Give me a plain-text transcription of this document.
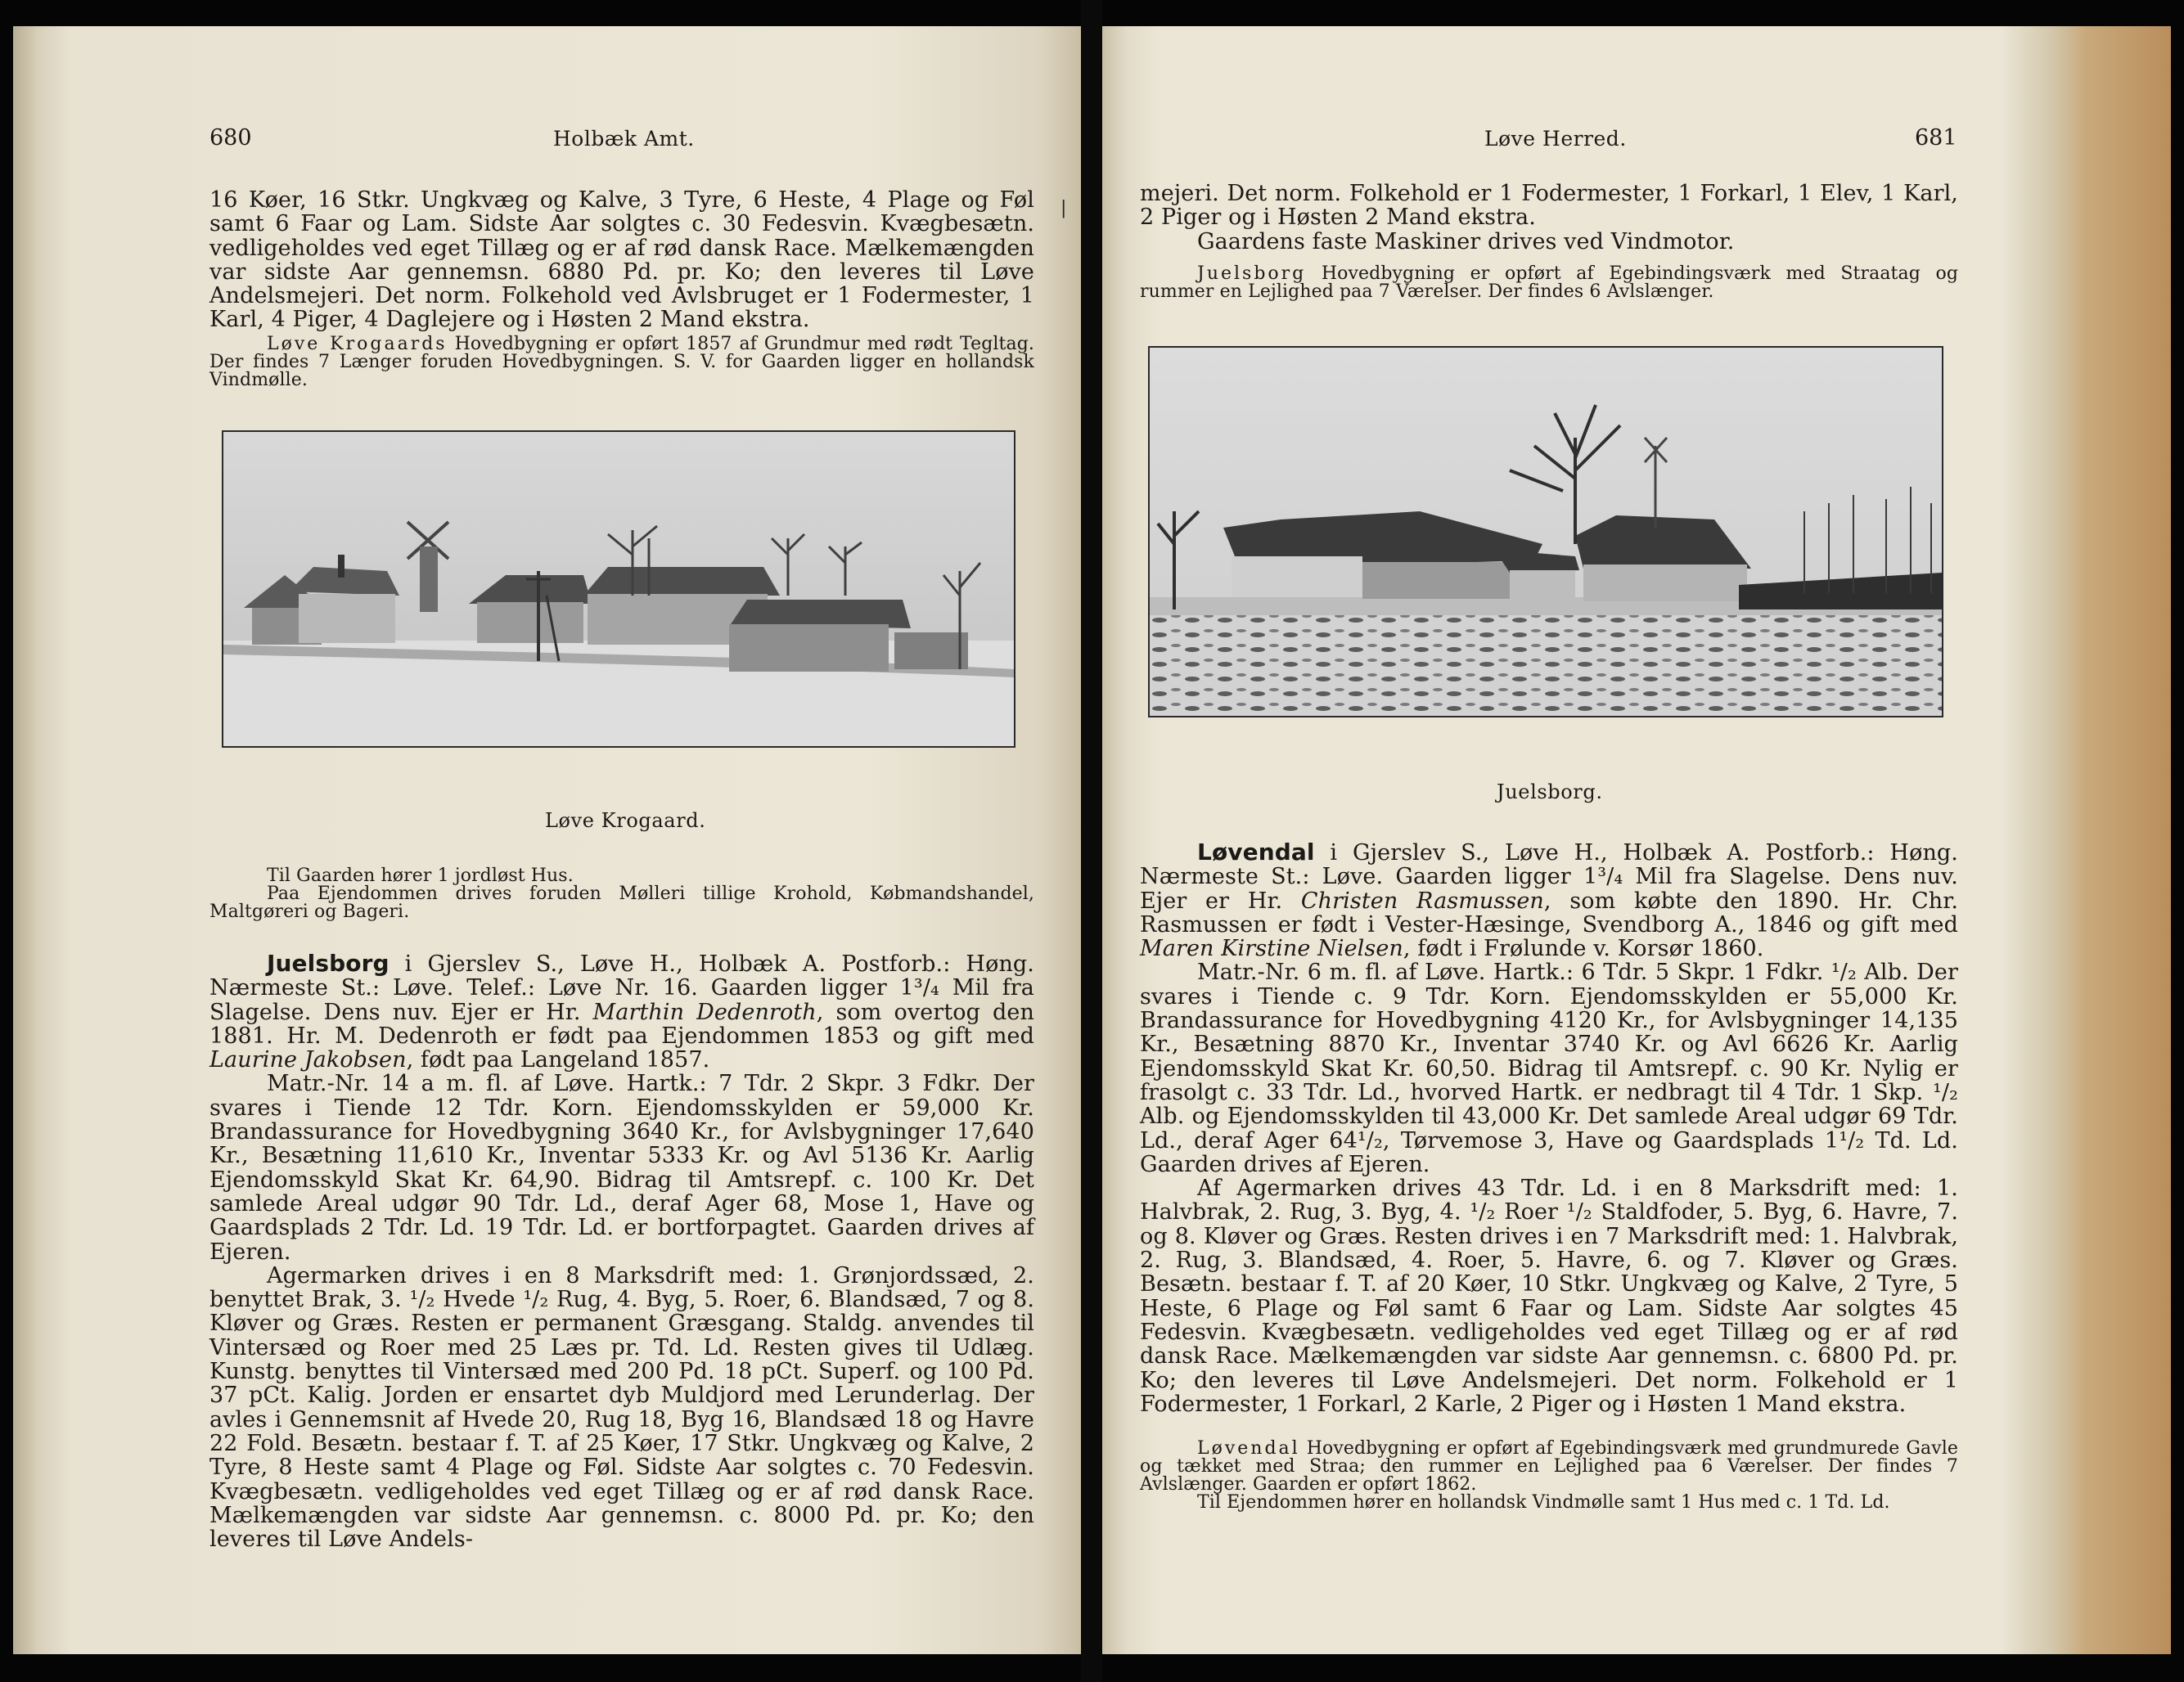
680	Holbæk Amt.

16 Køer, 16 Stkr. Ungkvæg og Kalve, 3 Tyre, 6 Heste, 4 Plage og Føl samt 6 Faar og Lam. Sidste Aar solgtes c. 30 Fedesvin. Kvægbesætn. vedligeholdes ved eget Tillæg og er af rød dansk Race. Mælkemængden var sidste Aar gennemsn. 6880 Pd. pr. Ko; den leveres til Løve Andelsmejeri. Det norm. Folkehold ved Avlsbruget er 1 Fodermester, 1 Karl, 4 Piger, 4 Daglejere og i Høsten 2 Mand ekstra.

Løve Krogaards Hovedbygning er opført 1857 af Grundmur med rødt Tegltag. Der findes 7 Længer foruden Hovedbygningen. S. V. for Gaarden ligger en hollandsk Vindmølle.

Løve Krogaard.

Til Gaarden hører 1 jordløst Hus.

Paa Ejendommen drives foruden Mølleri tillige Krohold, Købmandshandel, Maltgøreri og Bageri.

Juelsborg i Gjerslev S., Løve H., Holbæk A. Postforb.: Høng. Nærmeste St.: Løve. Telef.: Løve Nr. 16. Gaarden ligger 1³/₄ Mil fra Slagelse. Dens nuv. Ejer er Hr. Marthin Dedenroth, som overtog den 1881. Hr. M. Dedenroth er født paa Ejendommen 1853 og gift med Laurine Jakobsen, født paa Langeland 1857.

Matr.-Nr. 14 a m. fl. af Løve. Hartk.: 7 Tdr. 2 Skpr. 3 Fdkr. Der svares i Tiende 12 Tdr. Korn. Ejendomsskylden er 59,000 Kr. Brandassurance for Hovedbygning 3640 Kr., for Avlsbygninger 17,640 Kr., Besætning 11,610 Kr., Inventar 5333 Kr. og Avl 5136 Kr. Aarlig Ejendomsskyld Skat Kr. 64,90. Bidrag til Amtsrepf. c. 100 Kr. Det samlede Areal udgør 90 Tdr. Ld., deraf Ager 68, Mose 1, Have og Gaardsplads 2 Tdr. Ld. 19 Tdr. Ld. er bortforpagtet. Gaarden drives af Ejeren.

Agermarken drives i en 8 Marksdrift med: 1. Grønjordssæd, 2. benyttet Brak, 3. ¹/₂ Hvede ¹/₂ Rug, 4. Byg, 5. Roer, 6. Blandsæd, 7 og 8. Kløver og Græs. Resten er permanent Græsgang. Staldg. anvendes til Vintersæd og Roer med 25 Læs pr. Td. Ld. Resten gives til Udlæg. Kunstg. benyttes til Vintersæd med 200 Pd. 18 pCt. Superf. og 100 Pd. 37 pCt. Kalig. Jorden er ensartet dyb Muldjord med Lerunderlag. Der avles i Gennemsnit af Hvede 20, Rug 18, Byg 16, Blandsæd 18 og Havre 22 Fold. Besætn. bestaar f. T. af 25 Køer, 17 Stkr. Ungkvæg og Kalve, 2 Tyre, 8 Heste samt 4 Plage og Føl. Sidste Aar solgtes c. 70 Fedesvin. Kvægbesætn. vedligeholdes ved eget Tillæg og er af rød dansk Race. Mælkemængden var sidste Aar gennemsn. c. 8000 Pd. pr. Ko; den leveres til Løve Andels-

|
Løve Herred.	681

mejeri. Det norm. Folkehold er 1 Fodermester, 1 Forkarl, 1 Elev, 1 Karl, 2 Piger og i Høsten 2 Mand ekstra.

Gaardens faste Maskiner drives ved Vindmotor.

Juelsborg Hovedbygning er opført af Egebindingsværk med Straatag og rummer en Lejlighed paa 7 Værelser. Der findes 6 Avlslænger.

Juelsborg.

Løvendal i Gjerslev S., Løve H., Holbæk A. Postforb.: Høng. Nærmeste St.: Løve. Gaarden ligger 1³/₄ Mil fra Slagelse. Dens nuv. Ejer er Hr. Christen Rasmussen, som købte den 1890. Hr. Chr. Rasmussen er født i Vester-Hæsinge, Svendborg A., 1846 og gift med Maren Kirstine Nielsen, født i Frølunde v. Korsør 1860.

Matr.-Nr. 6 m. fl. af Løve. Hartk.: 6 Tdr. 5 Skpr. 1 Fdkr. ¹/₂ Alb. Der svares i Tiende c. 9 Tdr. Korn. Ejendomsskylden er 55,000 Kr. Brandassurance for Hovedbygning 4120 Kr., for Avlsbygninger 14,135 Kr., Besætning 8870 Kr., Inventar 3740 Kr. og Avl 6626 Kr. Aarlig Ejendomsskyld Skat Kr. 60,50. Bidrag til Amtsrepf. c. 90 Kr. Nylig er frasolgt c. 33 Tdr. Ld., hvorved Hartk. er nedbragt til 4 Tdr. 1 Skp. ¹/₂ Alb. og Ejendomsskylden til 43,000 Kr. Det samlede Areal udgør 69 Tdr. Ld., deraf Ager 64¹/₂, Tørvemose 3, Have og Gaardsplads 1¹/₂ Td. Ld. Gaarden drives af Ejeren.

Af Agermarken drives 43 Tdr. Ld. i en 8 Marksdrift med: 1. Halvbrak, 2. Rug, 3. Byg, 4. ¹/₂ Roer ¹/₂ Staldfoder, 5. Byg, 6. Havre, 7. og 8. Kløver og Græs. Resten drives i en 7 Marksdrift med: 1. Halvbrak, 2. Rug, 3. Blandsæd, 4. Roer, 5. Havre, 6. og 7. Kløver og Græs. Besætn. bestaar f. T. af 20 Køer, 10 Stkr. Ungkvæg og Kalve, 2 Tyre, 5 Heste, 6 Plage og Føl samt 6 Faar og Lam. Sidste Aar solgtes 45 Fedesvin. Kvægbesætn. vedligeholdes ved eget Tillæg og er af rød dansk Race. Mælkemængden var sidste Aar gennemsn. c. 6800 Pd. pr. Ko; den leveres til Løve Andelsmejeri. Det norm. Folkehold er 1 Fodermester, 1 Forkarl, 2 Karle, 2 Piger og i Høsten 1 Mand ekstra.

Løvendal Hovedbygning er opført af Egebindingsværk med grundmurede Gavle og tækket med Straa; den rummer en Lejlighed paa 6 Værelser. Der findes 7 Avlslænger. Gaarden er opført 1862.

Til Ejendommen hører en hollandsk Vindmølle samt 1 Hus med c. 1 Td. Ld.
